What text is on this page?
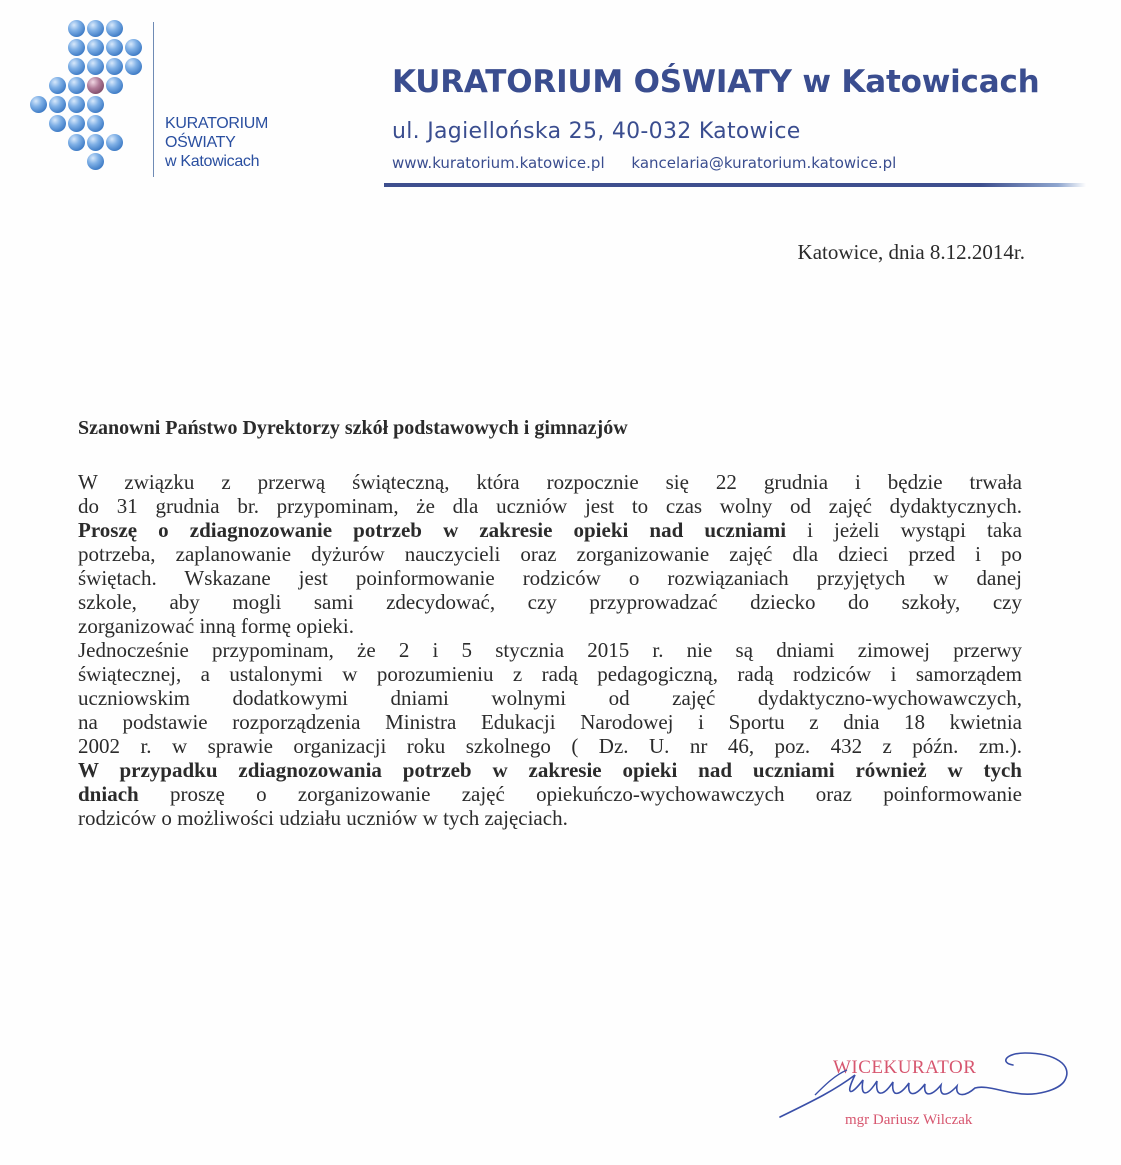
KURATORIUM
OŚWIATY
w Katowicach
KURATORIUM OŚWIATY w Katowicach
ul. Jagiellońska 25, 40-032 Katowice
www.kuratorium.katowice.pl kancelaria@kuratorium.katowice.pl
Katowice, dnia 8.12.2014r.
Szanowni Państwo Dyrektorzy szkół podstawowych i gimnazjów

W związku z przerwą świąteczną, która rozpocznie się 22 grudnia i będzie trwała
do 31 grudnia br. przypominam, że dla uczniów jest to czas wolny od zajęć dydaktycznych.
Proszę o zdiagnozowanie potrzeb w zakresie opieki nad uczniami i jeżeli wystąpi taka
potrzeba, zaplanowanie dyżurów nauczycieli oraz zorganizowanie zajęć dla dzieci przed i po
świętach. Wskazane jest poinformowanie rodziców o rozwiązaniach przyjętych w danej
szkole, aby mogli sami zdecydować, czy przyprowadzać dziecko do szkoły, czy
zorganizować inną formę opieki.

Jednocześnie przypominam, że 2 i 5 stycznia 2015 r. nie są dniami zimowej przerwy
świątecznej, a ustalonymi w porozumieniu z radą pedagogiczną, radą rodziców i samorządem
uczniowskim dodatkowymi dniami wolnymi od zajęć dydaktyczno-wychowawczych,
na podstawie rozporządzenia Ministra Edukacji Narodowej i Sportu z dnia 18 kwietnia
2002 r. w sprawie organizacji roku szkolnego ( Dz. U. nr 46, poz. 432 z późn. zm.).
W przypadku zdiagnozowania potrzeb w zakresie opieki nad uczniami również w tych
dniach proszę o zorganizowanie zajęć opiekuńczo-wychowawczych oraz poinformowanie
rodziców o możliwości udziału uczniów w tych zajęciach.

WICEKURATOR
mgr Dariusz Wilczak
